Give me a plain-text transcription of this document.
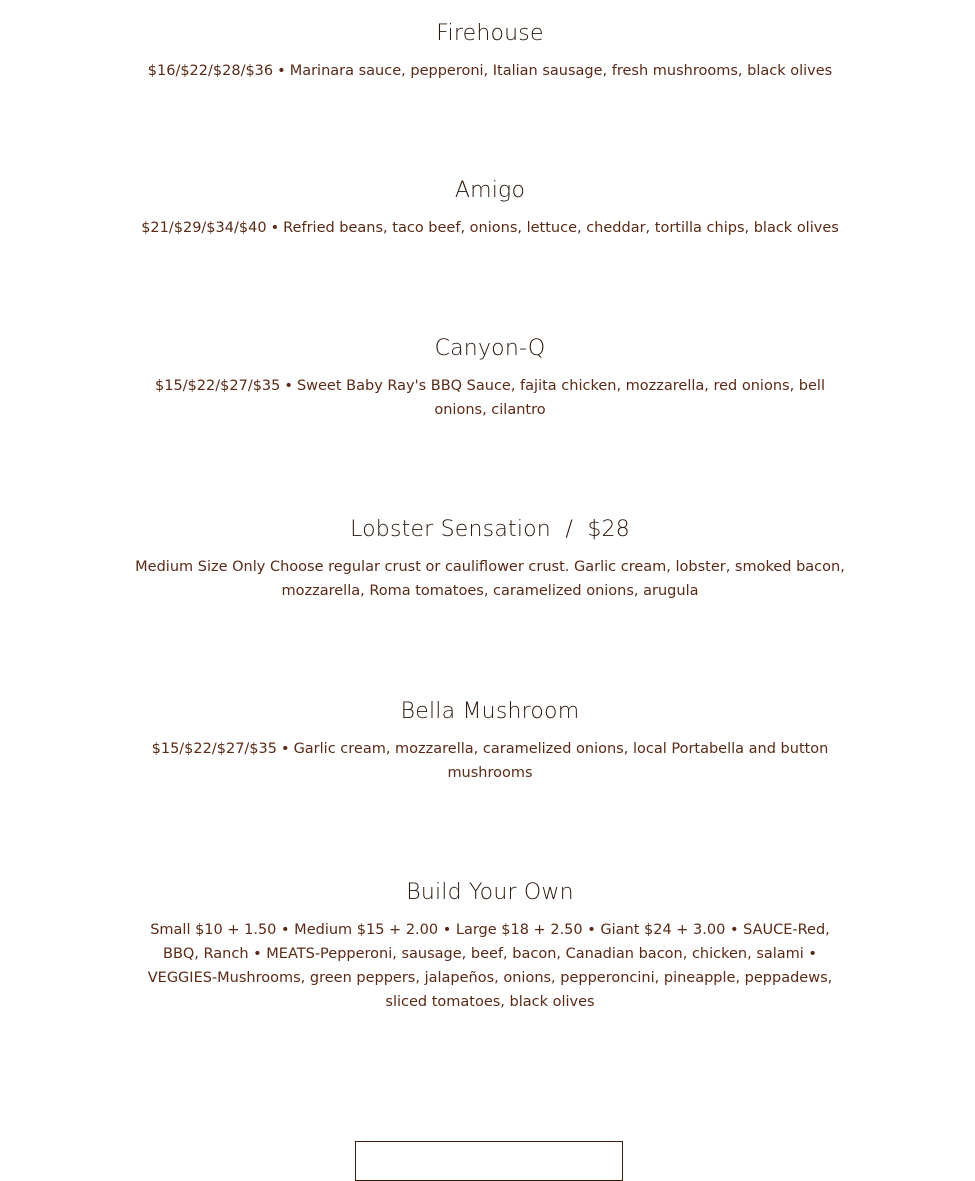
Firehouse

$16/$22/$28/$36 • Marinara sauce, pepperoni, Italian sausage, fresh mushrooms, black olives

Amigo

$21/$29/$34/$40 • Refried beans, taco beef, onions, lettuce, cheddar, tortilla chips, black olives

Canyon-Q

$15/$22/$27/$35 • Sweet Baby Ray's BBQ Sauce, fajita chicken, mozzarella, red onions, bell onions, cilantro

Lobster Sensation  /  $28

Medium Size Only Choose regular crust or cauliflower crust. Garlic cream, lobster, smoked bacon, mozzarella, Roma tomatoes, caramelized onions, arugula

Bella Mushroom

$15/$22/$27/$35 • Garlic cream, mozzarella, caramelized onions, local Portabella and button mushrooms

Build Your Own

Small $10 + 1.50 • Medium $15 + 2.00 • Large $18 + 2.50 • Giant $24 + 3.00 • SAUCE-Red, BBQ, Ranch • MEATS-Pepperoni, sausage, beef, bacon, Canadian bacon, chicken, salami • VEGGIES-Mushrooms, green peppers, jalapeños, onions, pepperoncini, pineapple, peppadews, sliced tomatoes, black olives
